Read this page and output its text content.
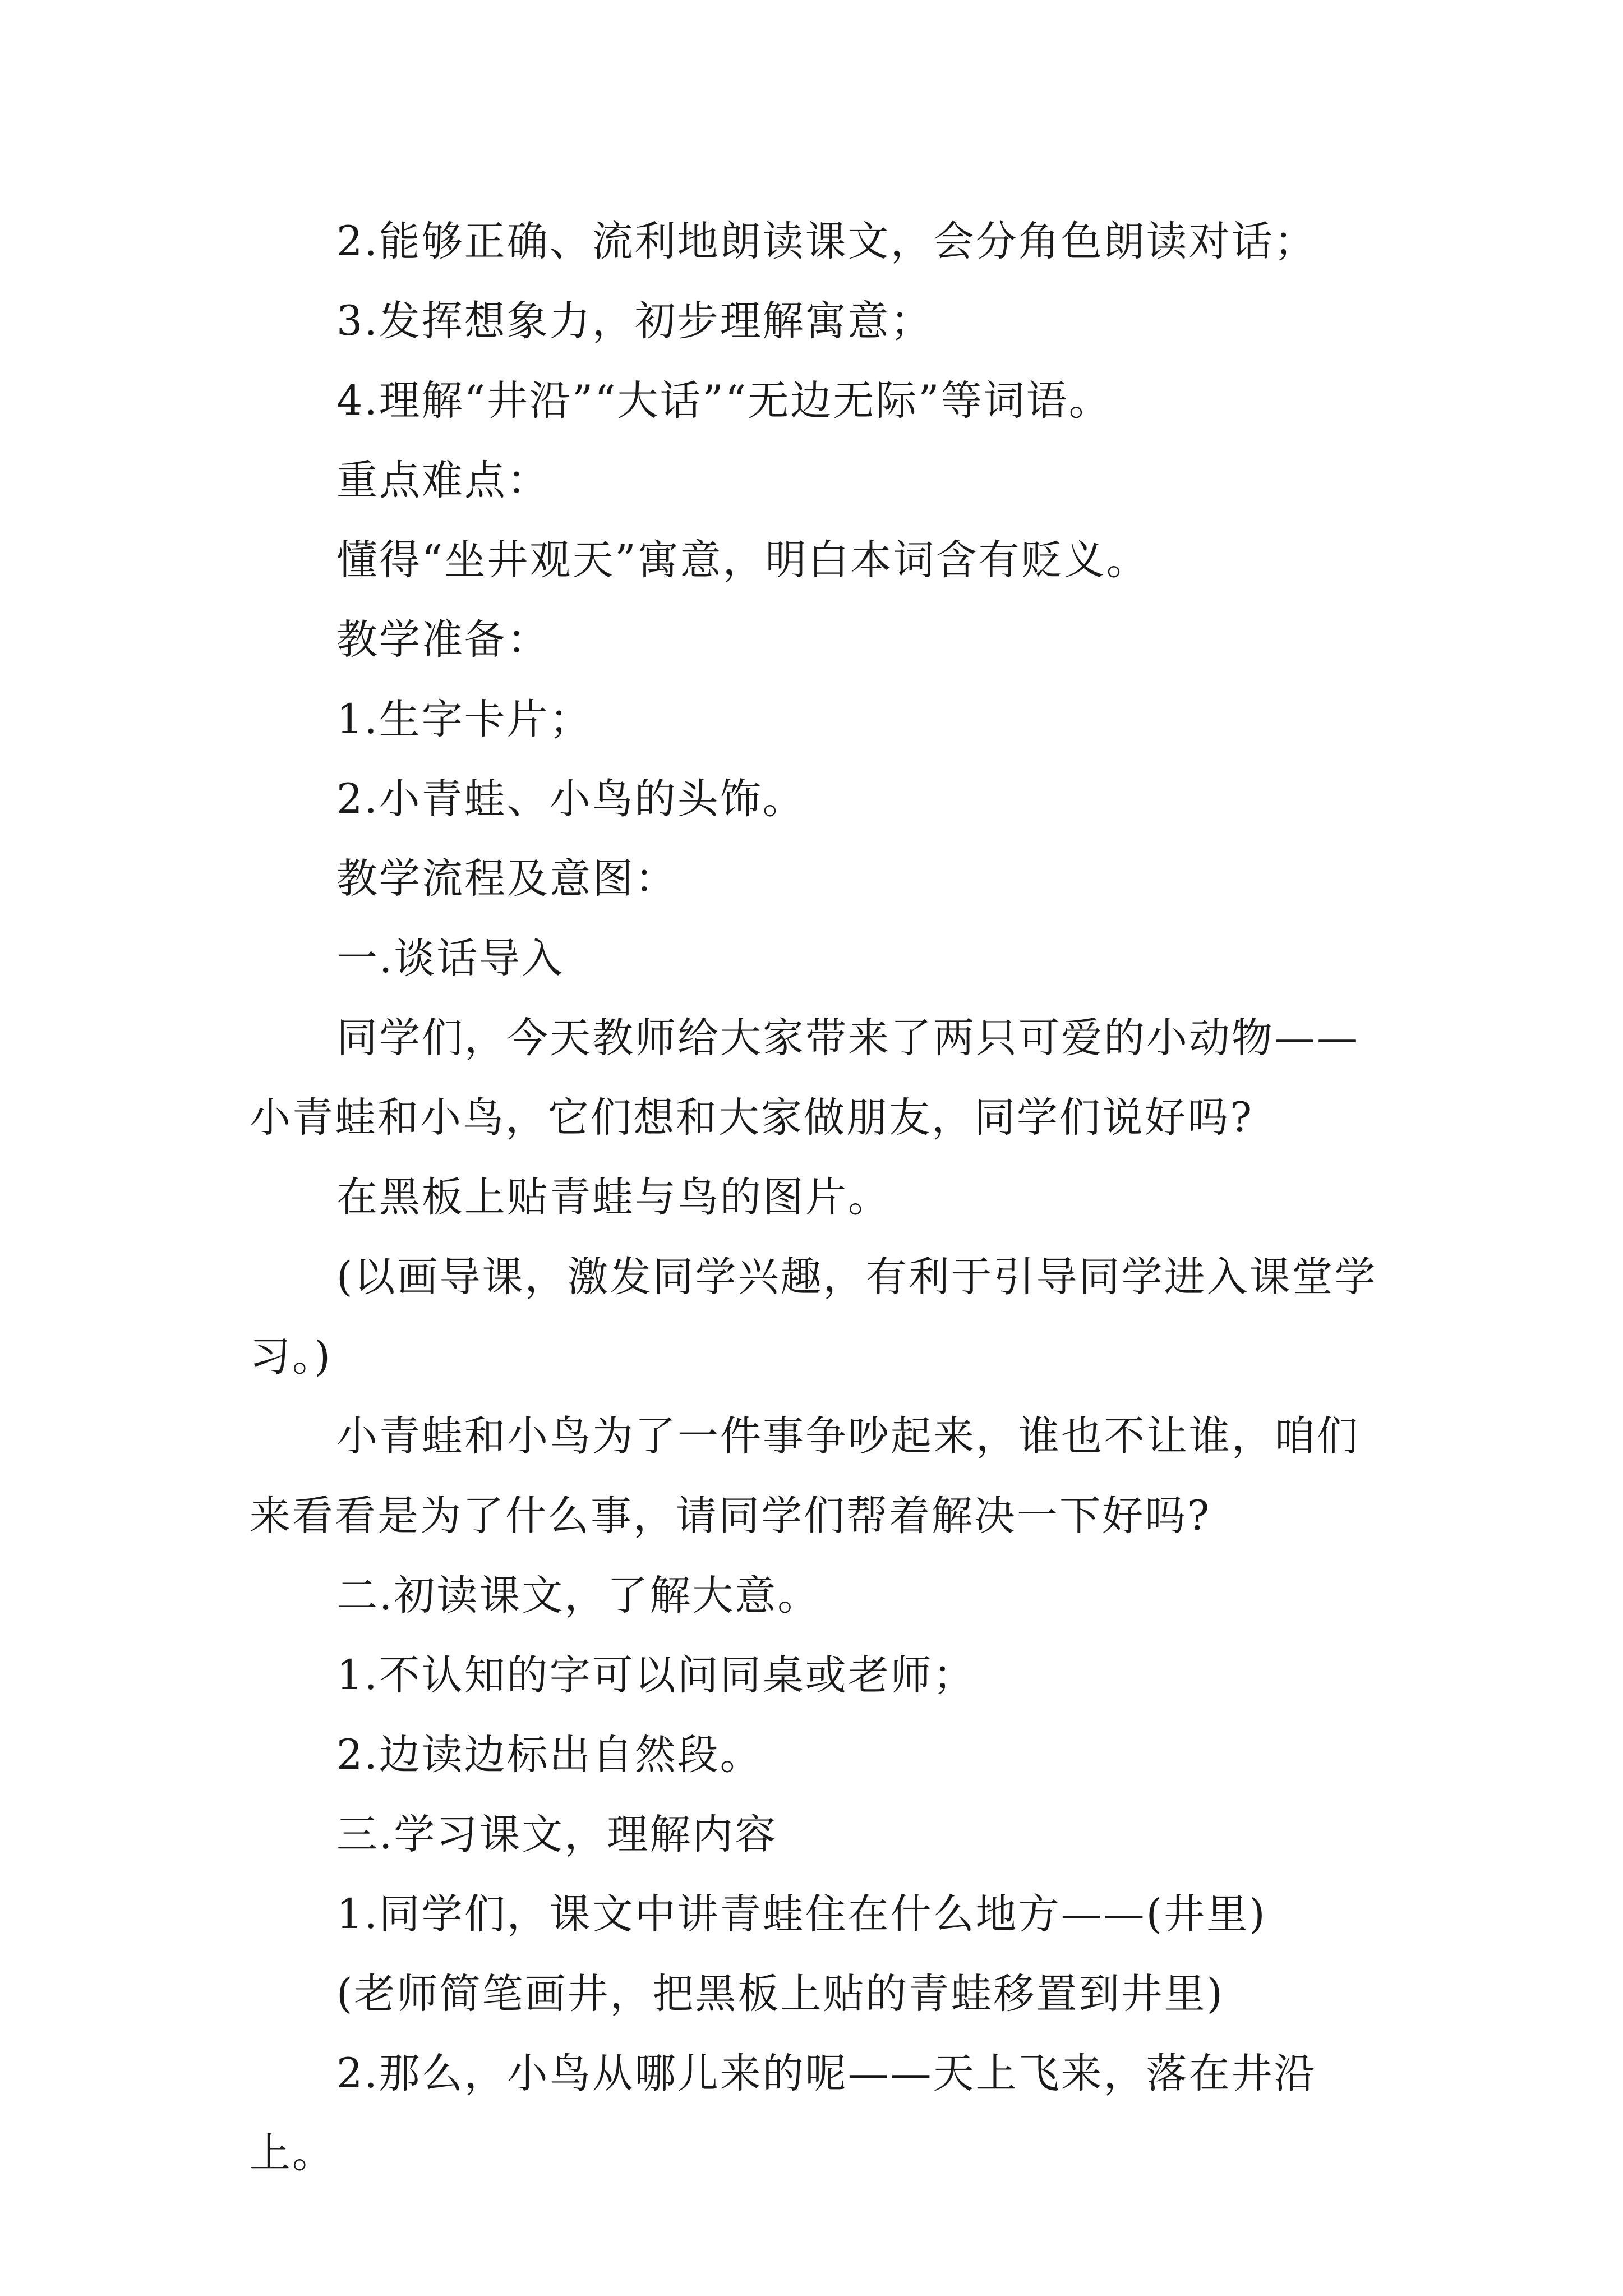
2.能够正确、流利地朗读课文，会分角色朗读对话；

3.发挥想象力，初步理解寓意；

4.理解“井沿”“大话”“无边无际”等词语。

重点难点：

懂得“坐井观天”寓意，明白本词含有贬义。

教学准备：

1.生字卡片；

2.小青蛙、小鸟的头饰。

教学流程及意图：

一.谈话导入

同学们，今天教师给大家带来了两只可爱的小动物——小青蛙和小鸟，它们想和大家做朋友，同学们说好吗?

在黑板上贴青蛙与鸟的图片。

(以画导课，激发同学兴趣，有利于引导同学进入课堂学习。)

小青蛙和小鸟为了一件事争吵起来，谁也不让谁，咱们来看看是为了什么事，请同学们帮着解决一下好吗?

二.初读课文，了解大意。

1.不认知的字可以问同桌或老师；

2.边读边标出自然段。

三.学习课文，理解内容

1.同学们，课文中讲青蛙住在什么地方——(井里)

(老师简笔画井，把黑板上贴的青蛙移置到井里)

2.那么，小鸟从哪儿来的呢——天上飞来，落在井沿上。
